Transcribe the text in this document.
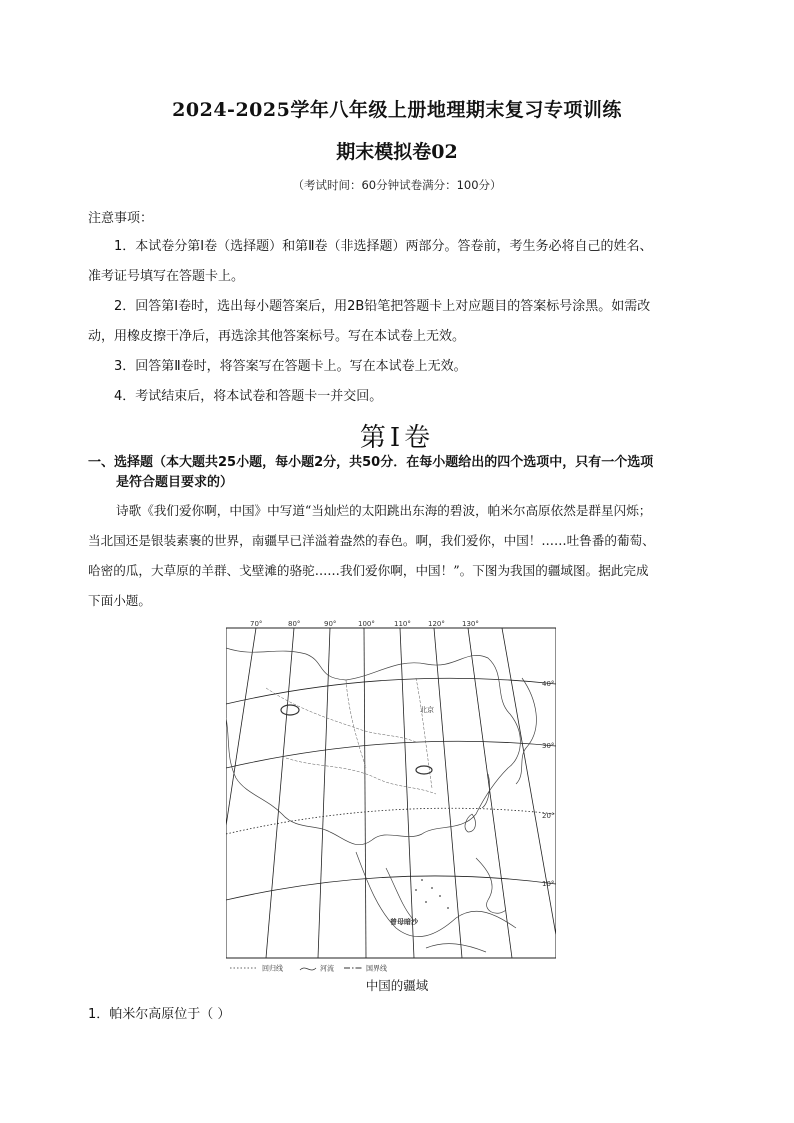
2024-2025学年八年级上册地理期末复习专项训练
期末模拟卷02
（考试时间：60分钟试卷满分：100分）
注意事项：
1．本试卷分第Ⅰ卷（选择题）和第Ⅱ卷（非选择题）两部分。答卷前，考生务必将自己的姓名、
准考证号填写在答题卡上。
2．回答第Ⅰ卷时，选出每小题答案后，用2B铅笔把答题卡上对应题目的答案标号涂黑。如需改
动，用橡皮擦干净后，再选涂其他答案标号。写在本试卷上无效。
3．回答第Ⅱ卷时，将答案写在答题卡上。写在本试卷上无效。
4．考试结束后，将本试卷和答题卡一并交回。
第Ⅰ卷
一、选择题（本大题共25小题，每小题2分，共50分．在每小题给出的四个选项中，只有一个选项
是符合题目要求的）
诗歌《我们爱你啊，中国》中写道“当灿烂的太阳跳出东海的碧波，帕米尔高原依然是群星闪烁；
当北国还是银装素裹的世界，南疆早已洋溢着盎然的春色。啊，我们爱你，中国！……吐鲁番的葡萄、
哈密的瓜，大草原的羊群、戈壁滩的骆驼……我们爱你啊，中国！”。下图为我国的疆域图。据此完成
下面小题。
70°	80°	90°	100°	110° 120° 130°
40°
30°
20°
10°
北京
曾母暗沙
回归线	河流	国界线
中国的疆域
1．帕米尔高原位于（ ）
